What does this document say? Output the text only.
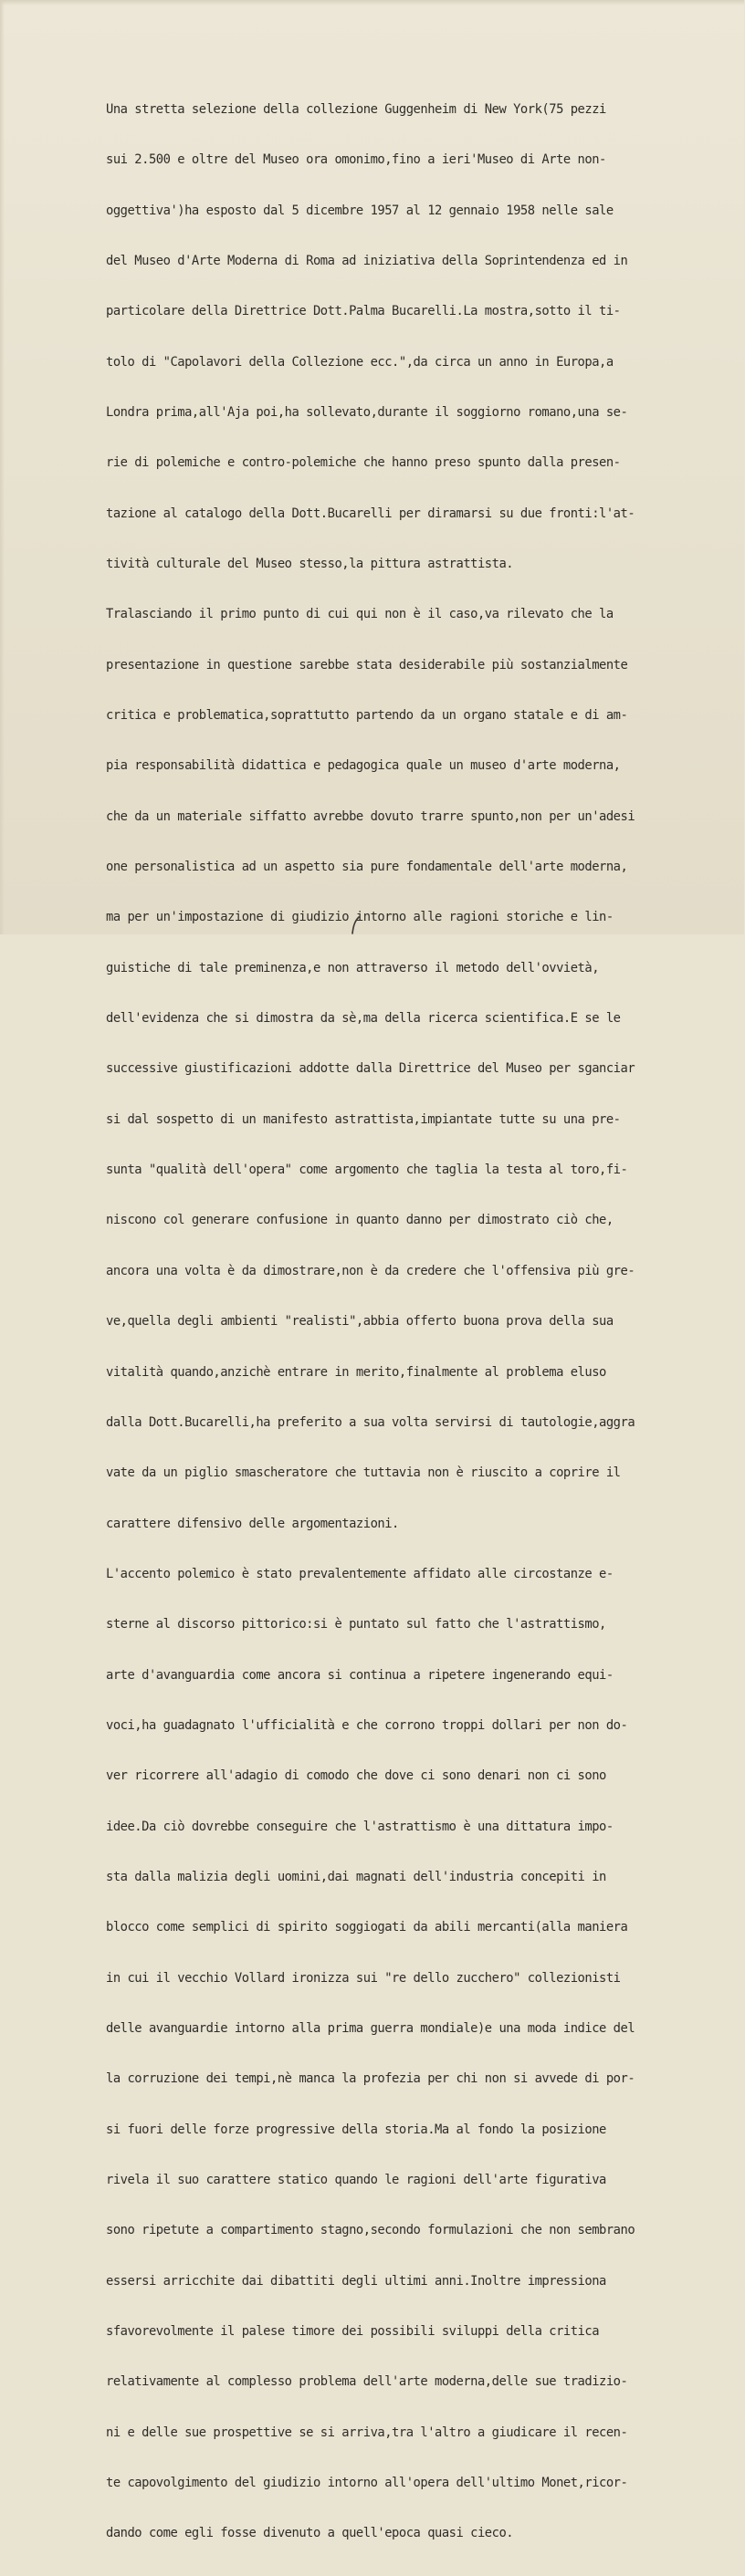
Una stretta selezione della collezione Guggenheim di New York(75 pezzi

sui 2.500 e oltre del Museo ora omonimo,fino a ieri'Museo di Arte non-

oggettiva')ha esposto dal 5 dicembre 1957 al 12 gennaio 1958 nelle sale

del Museo d'Arte Moderna di Roma ad iniziativa della Soprintendenza ed in

particolare della Direttrice Dott.Palma Bucarelli.La mostra,sotto il ti-

tolo di "Capolavori della Collezione ecc.",da circa un anno in Europa,a

Londra prima,all'Aja poi,ha sollevato,durante il soggiorno romano,una se-

rie di polemiche e contro-polemiche che hanno preso spunto dalla presen-

tazione al catalogo della Dott.Bucarelli per diramarsi su due fronti:l'at-

tività culturale del Museo stesso,la pittura astrattista.

Tralasciando il primo punto di cui qui non è il caso,va rilevato che la

presentazione in questione sarebbe stata desiderabile più sostanzialmente

critica e problematica,soprattutto partendo da un organo statale e di am-

pia responsabilità didattica e pedagogica quale un museo d'arte moderna,

che da un materiale siffatto avrebbe dovuto trarre spunto,non per un'adesi

one personalistica ad un aspetto sia pure fondamentale dell'arte moderna,

ma per un'impostazione di giudizio intorno alle ragioni storiche e lin-

guistiche di tale preminenza,e non attraverso il metodo dell'ovvietà,

dell'evidenza che si dimostra da sè,ma della ricerca scientifica.E se le

successive giustificazioni addotte dalla Direttrice del Museo per sganciar

si dal sospetto di un manifesto astrattista,impiantate tutte su una pre-

sunta "qualità dell'opera" come argomento che taglia la testa al toro,fi-

niscono col generare confusione in quanto danno per dimostrato ciò che,

ancora una volta è da dimostrare,non è da credere che l'offensiva più gre-

ve,quella degli ambienti "realisti",abbia offerto buona prova della sua

vitalità quando,anzichè entrare in merito,finalmente al problema eluso

dalla Dott.Bucarelli,ha preferito a sua volta servirsi di tautologie,aggra

vate da un piglio smascheratore che tuttavia non è riuscito a coprire il

carattere difensivo delle argomentazioni.

L'accento polemico è stato prevalentemente affidato alle circostanze e-

sterne al discorso pittorico:si è puntato sul fatto che l'astrattismo,

arte d'avanguardia come ancora si continua a ripetere ingenerando equi-

voci,ha guadagnato l'ufficialità e che corrono troppi dollari per non do-

ver ricorrere all'adagio di comodo che dove ci sono denari non ci sono

idee.Da ciò dovrebbe conseguire che l'astrattismo è una dittatura impo-

sta dalla malizia degli uomini,dai magnati dell'industria concepiti in

blocco come semplici di spirito soggiogati da abili mercanti(alla maniera

in cui il vecchio Vollard ironizza sui "re dello zucchero" collezionisti

delle avanguardie intorno alla prima guerra mondiale)e una moda indice del

la corruzione dei tempi,nè manca la profezia per chi non si avvede di por-

si fuori delle forze progressive della storia.Ma al fondo la posizione

rivela il suo carattere statico quando le ragioni dell'arte figurativa

sono ripetute a compartimento stagno,secondo formulazioni che non sembrano

essersi arricchite dai dibattiti degli ultimi anni.Inoltre impressiona

sfavorevolmente il palese timore dei possibili sviluppi della critica

relativamente al complesso problema dell'arte moderna,delle sue tradizio-

ni e delle sue prospettive se si arriva,tra l'altro a giudicare il recen-

te capovolgimento del giudizio intorno all'opera dell'ultimo Monet,ricor-

dando come egli fosse divenuto a quell'epoca quasi cieco.
